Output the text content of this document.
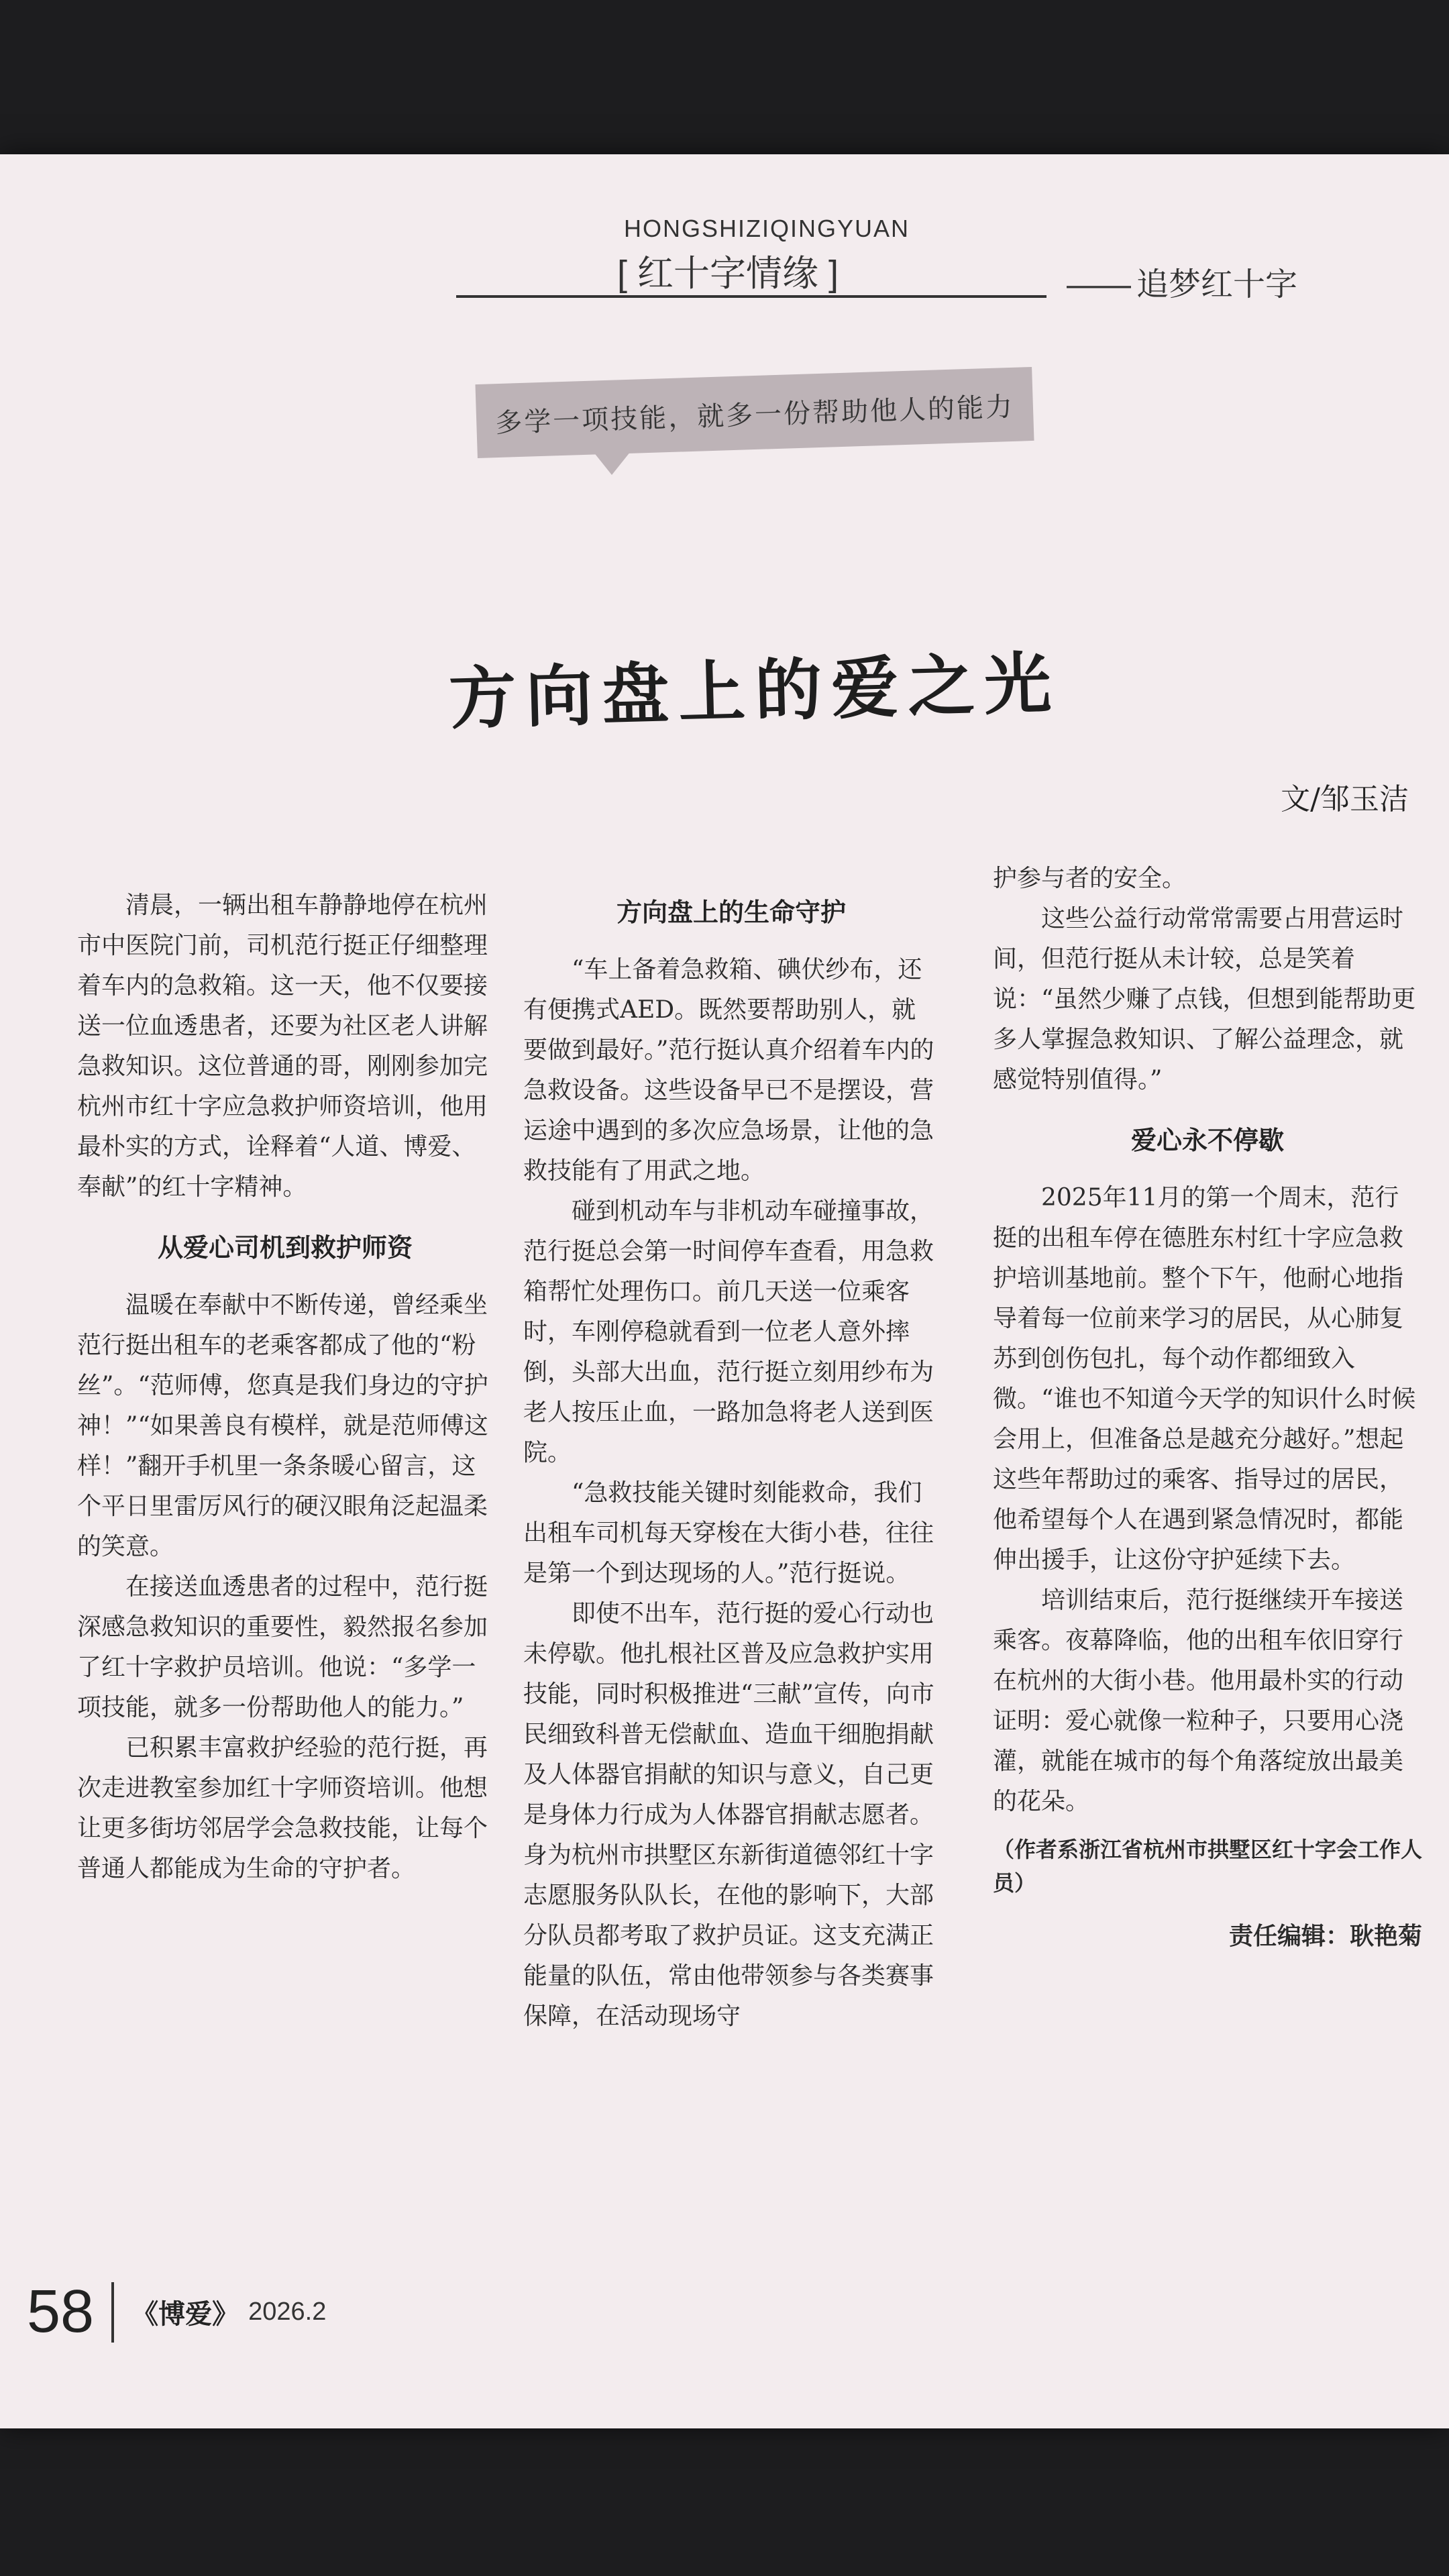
HONGSHIZIQINGYUAN
[ 红十字情缘 ]	—— 追梦红十字
多学一项技能，就多一份帮助他人的能力
方向盘上的爱之光
文/邹玉洁

清晨，一辆出租车静静地停在杭州市中医院门前，司机范行挺正仔细整理着车内的急救箱。这一天，他不仅要接送一位血透患者，还要为社区老人讲解急救知识。这位普通的哥，刚刚参加完杭州市红十字应急救护师资培训，他用最朴实的方式，诠释着“人道、博爱、奉献”的红十字精神。

从爱心司机到救护师资

温暖在奉献中不断传递，曾经乘坐范行挺出租车的老乘客都成了他的“粉丝”。“范师傅，您真是我们身边的守护神！”“如果善良有模样，就是范师傅这样！”翻开手机里一条条暖心留言，这个平日里雷厉风行的硬汉眼角泛起温柔的笑意。

在接送血透患者的过程中，范行挺深感急救知识的重要性，毅然报名参加了红十字救护员培训。他说：“多学一项技能，就多一份帮助他人的能力。”

已积累丰富救护经验的范行挺，再次走进教室参加红十字师资培训。他想让更多街坊邻居学会急救技能，让每个普通人都能成为生命的守护者。

方向盘上的生命守护

“车上备着急救箱、碘伏纱布，还有便携式AED。既然要帮助别人，就要做到最好。”范行挺认真介绍着车内的急救设备。这些设备早已不是摆设，营运途中遇到的多次应急场景，让他的急救技能有了用武之地。

碰到机动车与非机动车碰撞事故，范行挺总会第一时间停车查看，用急救箱帮忙处理伤口。前几天送一位乘客时，车刚停稳就看到一位老人意外摔倒，头部大出血，范行挺立刻用纱布为老人按压止血，一路加急将老人送到医院。

“急救技能关键时刻能救命，我们出租车司机每天穿梭在大街小巷，往往是第一个到达现场的人。”范行挺说。

即使不出车，范行挺的爱心行动也未停歇。他扎根社区普及应急救护实用技能，同时积极推进“三献”宣传，向市民细致科普无偿献血、造血干细胞捐献及人体器官捐献的知识与意义，自己更是身体力行成为人体器官捐献志愿者。身为杭州市拱墅区东新街道德邻红十字志愿服务队队长，在他的影响下，大部分队员都考取了救护员证。这支充满正能量的队伍，常由他带领参与各类赛事保障，在活动现场守

护参与者的安全。

这些公益行动常常需要占用营运时间，但范行挺从未计较，总是笑着说：“虽然少赚了点钱，但想到能帮助更多人掌握急救知识、了解公益理念，就感觉特别值得。”

爱心永不停歇

2025年11月的第一个周末，范行挺的出租车停在德胜东村红十字应急救护培训基地前。整个下午，他耐心地指导着每一位前来学习的居民，从心肺复苏到创伤包扎，每个动作都细致入微。“谁也不知道今天学的知识什么时候会用上，但准备总是越充分越好。”想起这些年帮助过的乘客、指导过的居民，他希望每个人在遇到紧急情况时，都能伸出援手，让这份守护延续下去。

培训结束后，范行挺继续开车接送乘客。夜幕降临，他的出租车依旧穿行在杭州的大街小巷。他用最朴实的行动证明：爱心就像一粒种子，只要用心浇灌，就能在城市的每个角落绽放出最美的花朵。

（作者系浙江省杭州市拱墅区红十字会工作人员）
责任编辑：耿艳菊
58 《博爱》 2026.2
